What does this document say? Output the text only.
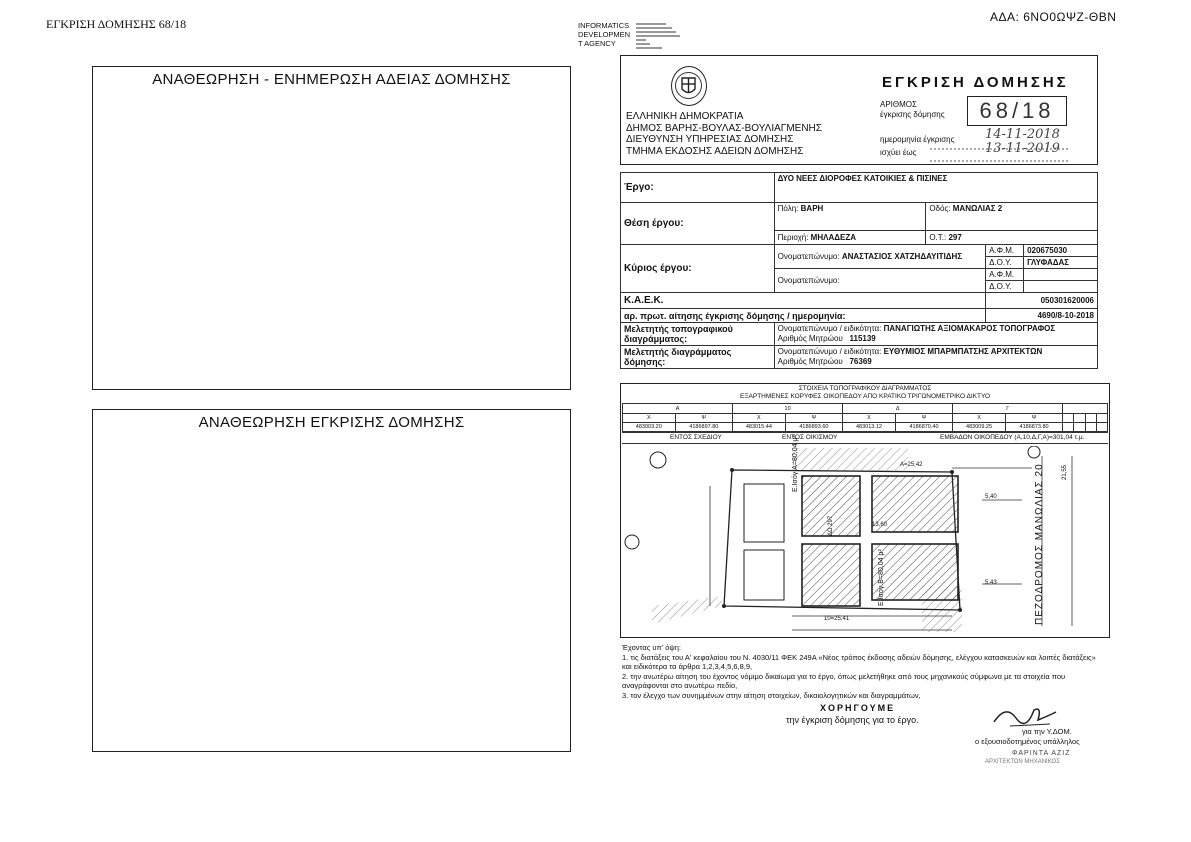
ΕΓΚΡΙΣΗ ΔΟΜΗΣΗΣ 68/18	ΑΔΑ: 6ΝΟ0ΩΨΖ-ΘΒΝ
INFORMATICS
DEVELOPMEN
T AGENCY
ΑΝΑΘΕΩΡΗΣΗ - ΕΝΗΜΕΡΩΣΗ ΑΔΕΙΑΣ ΔΟΜΗΣΗΣ
ΑΝΑΘΕΩΡΗΣΗ ΕΓΚΡΙΣΗΣ ΔΟΜΗΣΗΣ
ΕΛΛΗΝΙΚΗ ΔΗΜΟΚΡΑΤΙΑ
ΔΗΜΟΣ ΒΑΡΗΣ-ΒΟΥΛΑΣ-ΒΟΥΛΙΑΓΜΕΝΗΣ
ΔΙΕΥΘΥΝΣΗ ΥΠΗΡΕΣΙΑΣ ΔΟΜΗΣΗΣ
ΤΜΗΜΑ ΕΚΔΟΣΗΣ ΑΔΕΙΩΝ ΔΟΜΗΣΗΣ
ΕΓΚΡΙΣΗ ΔΟΜΗΣΗΣ
ΑΡΙΘΜΟΣ
έγκρισης δόμησης	68/18
ημερομηνία έγκρισης 14-11-2018
ισχύει έως	13-11-2019
Έργο:	ΔΥΟ ΝΕΕΣ ΔΙΟΡΟΦΕΣ ΚΑΤΟΙΚΙΕΣ & ΠΙΣΙΝΕΣ			
Θέση έργου:	Πόλη: ΒΑΡΗ	Οδός: ΜΑΝΩΛΙΑΣ 2		
	Περιοχή: ΜΗΛΑΔΕΖΑ	Ο.Τ.: 297		
Κύριος έργου:	Ονοματεπώνυμο: ΑΝΑΣΤΑΣΙΟΣ ΧΑΤΖΗΔΑΥΙΤΙΔΗΣ		Α.Φ.Μ.	020675030
			Δ.Ο.Υ.	ΓΛΥΦΑΔΑΣ
	Ονοματεπώνυμο:		Α.Φ.Μ.	
			Δ.Ο.Υ.	
Κ.Α.Ε.Κ.			050301620006	
αρ. πρωτ. αίτησης έγκρισης δόμησης / ημερομηνία:			4690/8-10-2018	
Μελετητής τοπογραφικού διαγράμματος:	Ονοματεπώνυμο / ειδικότητα: ΠΑΝΑΓΙΩΤΗΣ ΑΞΙΟΜΑΚΑΡΟΣ ΤΟΠΟΓΡΑΦΟΣ
Αριθμός Μητρώου 115139			
Μελετητής διαγράμματος δόμησης:	Ονοματεπώνυμο / ειδικότητα: ΕΥΘΥΜΙΟΣ ΜΠΑΡΜΠΑΤΣΗΣ ΑΡΧΙΤΕΚΤΩΝ
Αριθμός Μητρώου 76369			
ΣΤΟΙΧΕΙΑ ΤΟΠΟΓΡΑΦΙΚΟΥ ΔΙΑΓΡΑΜΜΑΤΟΣ
ΕΞΑΡΤΗΜΕΝΕΣ ΚΟΡΥΦΕΣ ΟΙΚΟΠΕΔΟΥ ΑΠΟ ΚΡΑΤΙΚΟ ΤΡΙΓΩΝΟΜΕΤΡΙΚΟ ΔΙΚΤΥΟ
Α		10		Δ		Γ					
X	Ψ	X	Ψ	X	Ψ	X	Ψ				
483003.20	4186897.80	483015.44	4186893.60	483013.12	4186870.40	483009.25	4186873.80				
ΕΝΤΟΣ ΣΧΕΔΙΟΥ	ΕΝΤΟΣ ΟΙΚΙΣΜΟΥ	ΕΜΒΑΔΟΝ ΟΙΚΟΠΕΔΟΥ (Α,10,Δ,Γ,Α)=301,04 τ.μ.
Ε.Ισόγ.Α=80,04 μ²
Ε.Ισόγ.Β=80,04 μ²
Α=25,42
10=25,41
5,40
13,60
21,55
5,43
ΔΩ 297	ΠΕΖΟΔΡΟΜΟΣ ΜΑΝΩΛΙΑΣ 20
Έχοντας υπ' όψη:
1. τις διατάξεις του Α' κεφαλαίου του Ν. 4030/11 ΦΕΚ 249Α «Νέος τρόπος έκδοσης αδειών δόμησης, ελέγχου κατασκευών και λοιπές διατάξεις» και ειδικότερα τα άρθρα 1,2,3,4,5,6,8,9,
2. την ανωτέρω αίτηση του έχοντος νόμιμο δικαίωμα για το έργο, όπως μελετήθηκε από τους μηχανικούς σύμφωνα με τα στοιχεία που αναγράφονται στο ανωτέρω πεδίο,
3. τον έλεγχο των συνημμένων στην αίτηση στοιχείων, δικαιολογητικών και διαγραμμάτων,
ΧΟΡΗΓΟΥΜΕ
την έγκριση δόμησης για το έργο.
για την Υ.ΔΟΜ.
ο εξουσιοδοτημένος υπάλληλος
ΦΑΡΙΝΤΑ ΑΖΙΖ
ΑΡΧΙΤΕΚΤΩΝ ΜΗΧΑΝΙΚΟΣ
